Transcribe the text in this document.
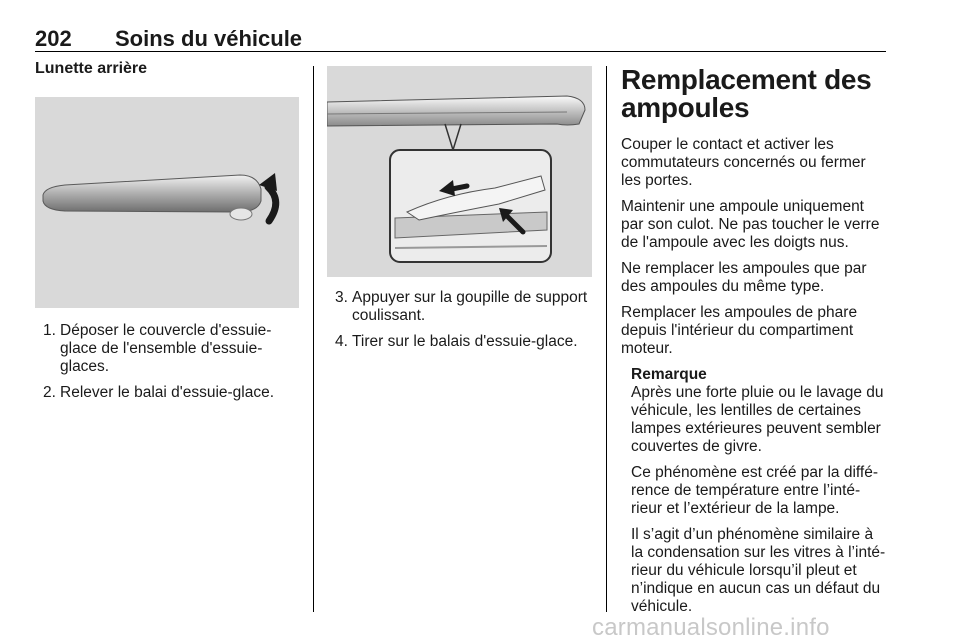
202 Soins du véhicule
Lunette arrière
1. Déposer le couvercle d'essuie-glace de l'ensemble d'essuie-glaces.
2. Relever le balai d'essuie-glace.
3. Appuyer sur la goupille de support coulissant.
4. Tirer sur le balais d'essuie-glace.
Remplacement des ampoules

Couper le contact et activer les commutateurs concernés ou fermer les portes.

Maintenir une ampoule uniquement par son culot. Ne pas toucher le verre de l'ampoule avec les doigts nus.

Ne remplacer les ampoules que par des ampoules du même type.

Remplacer les ampoules de phare depuis l'intérieur du compartiment moteur.

Remarque

Après une forte pluie ou le lavage du véhicule, les lentilles de certaines lampes extérieures peuvent sembler couvertes de givre.

Ce phénomène est créé par la diffé-rence de température entre l’inté-rieur et l’extérieur de la lampe.

Il s’agit d’un phénomène similaire à la condensation sur les vitres à l’inté-rieur du véhicule lorsqu’il pleut et n’indique en aucun cas un défaut du véhicule.

carmanualsonline.info
